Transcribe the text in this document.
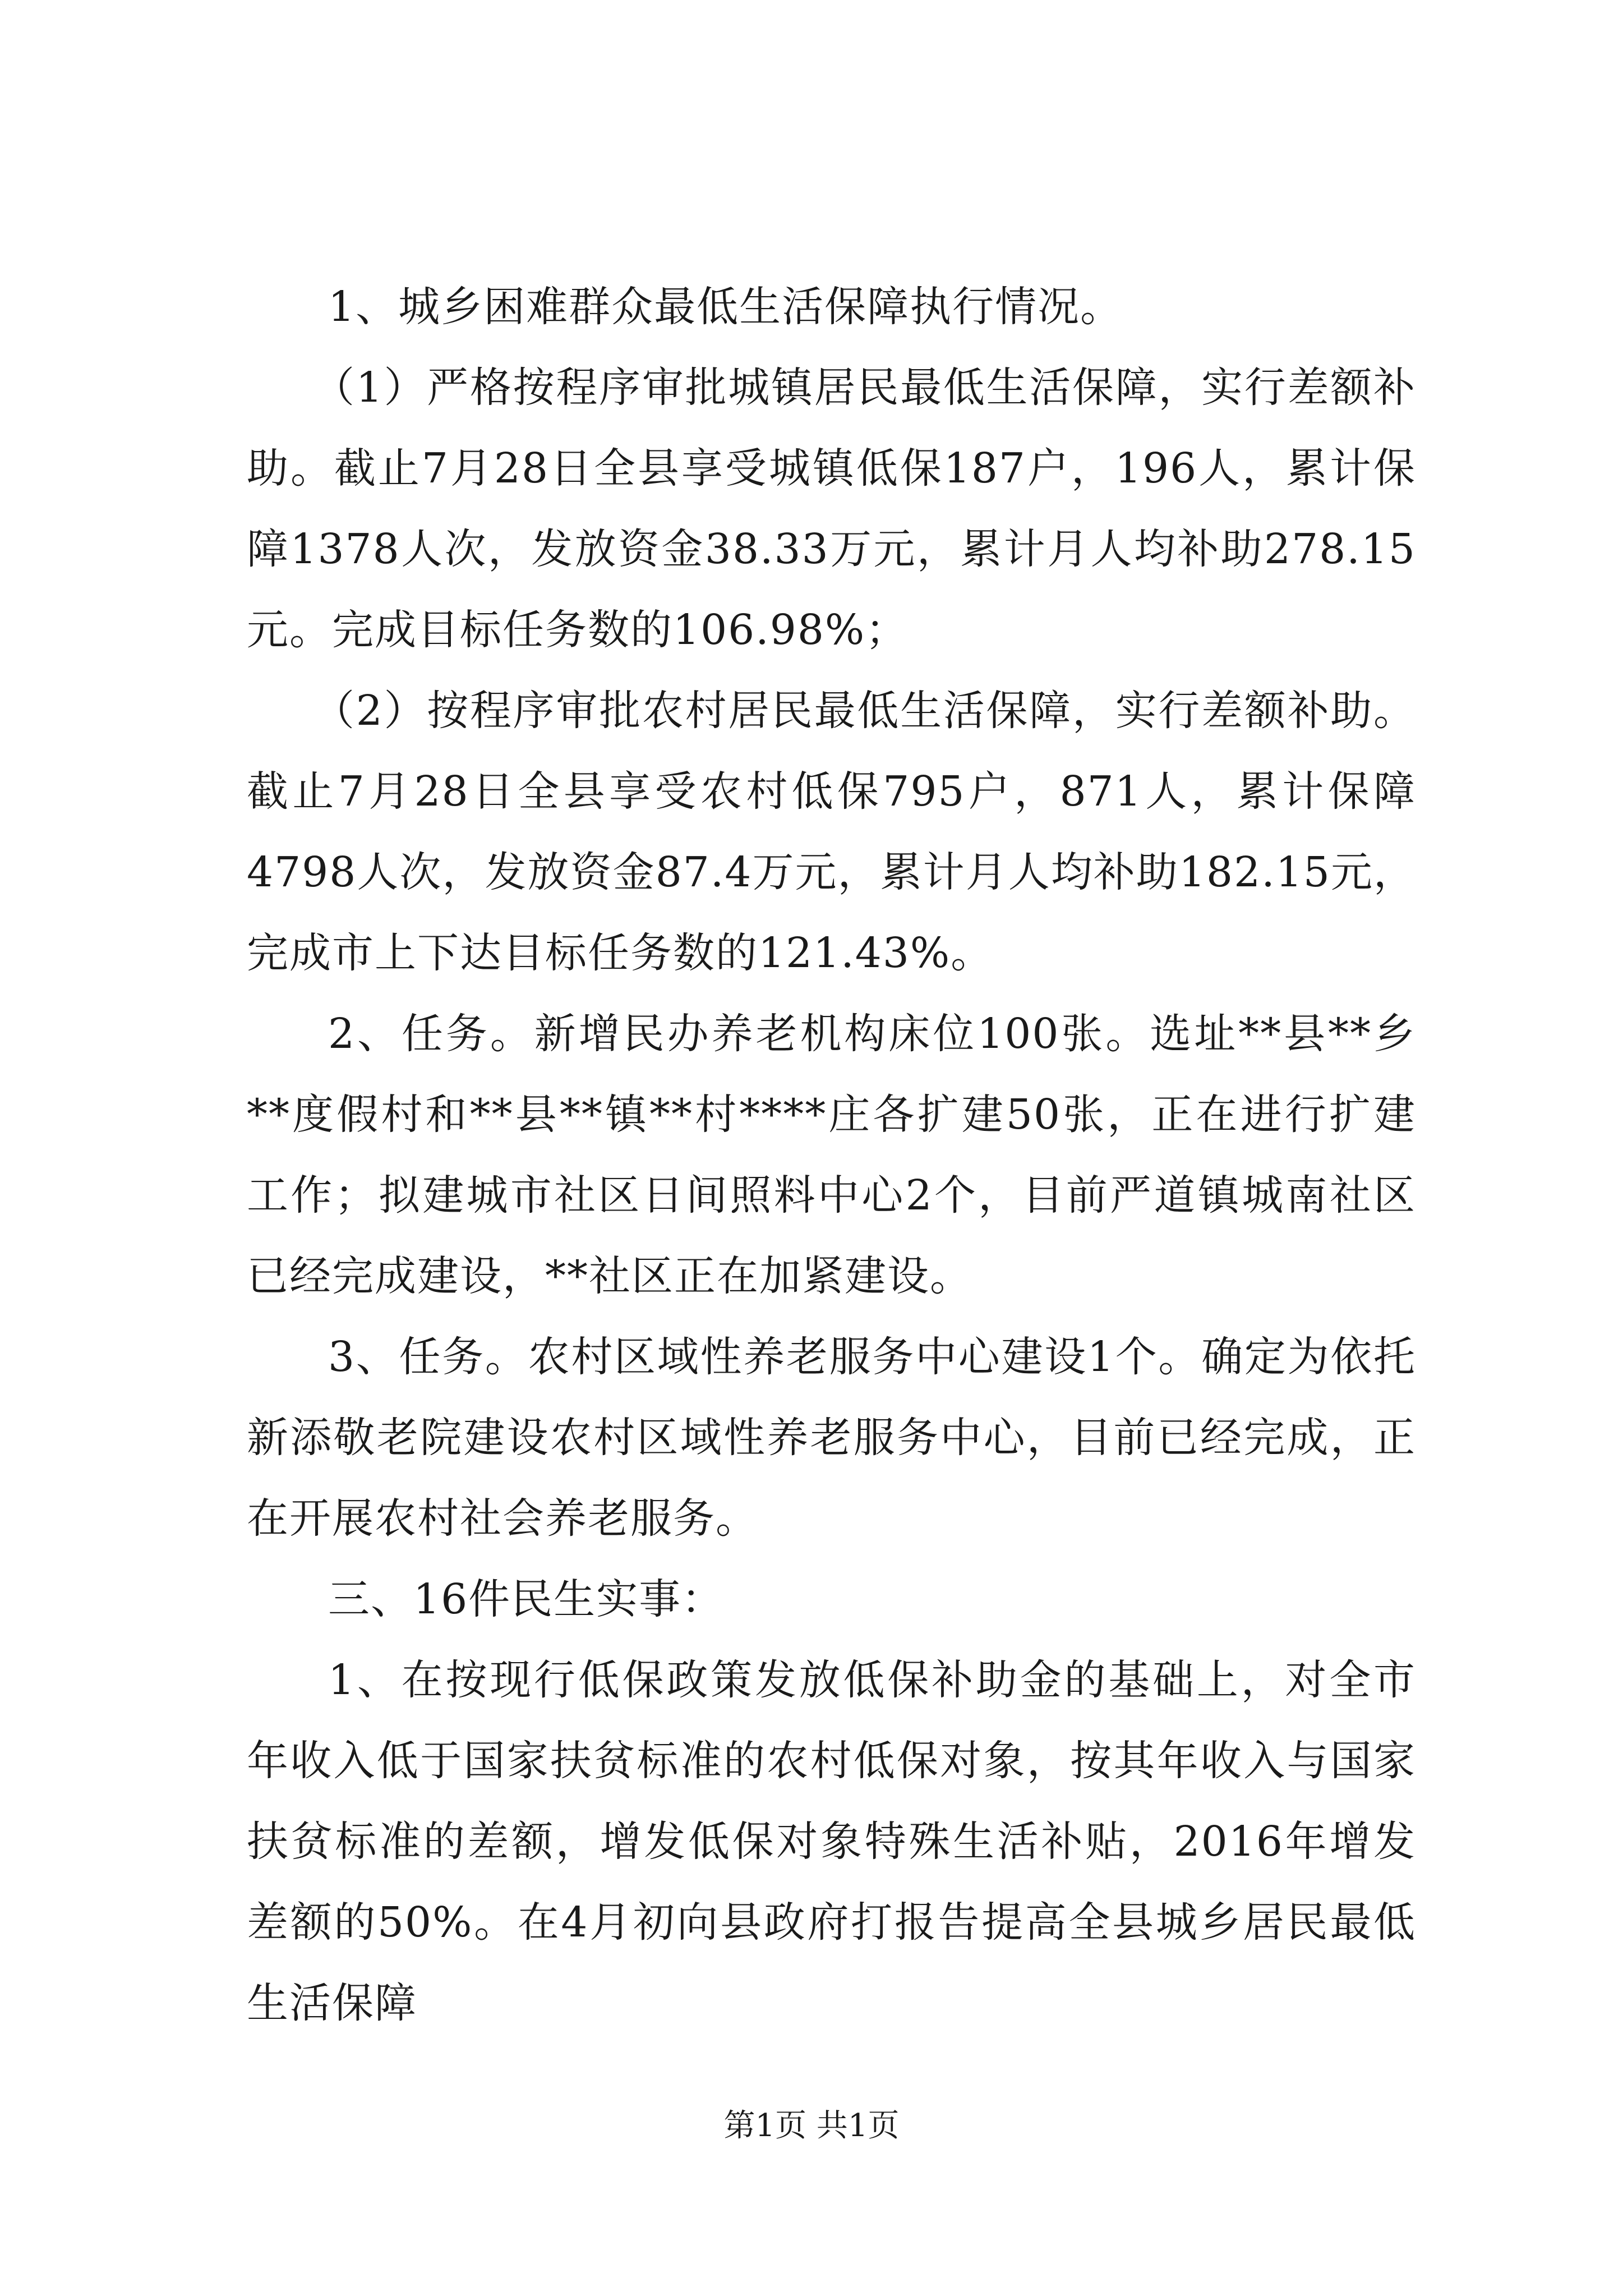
1、城乡困难群众最低生活保障执行情况。

（1）严格按程序审批城镇居民最低生活保障，实行差额补助。截止7月28日全县享受城镇低保187户，196人，累计保障1378人次，发放资金38.33万元，累计月人均补助278.15元。完成目标任务数的106.98%；

（2）按程序审批农村居民最低生活保障，实行差额补助。截止7月28日全县享受农村低保795户，871人，累计保障4798人次，发放资金87.4万元，累计月人均补助182.15元，完成市上下达目标任务数的121.43%。

2、任务。新增民办养老机构床位100张。选址**县**乡**度假村和**县**镇**村****庄各扩建50张，正在进行扩建工作；拟建城市社区日间照料中心2个，目前严道镇城南社区已经完成建设，**社区正在加紧建设。

3、任务。农村区域性养老服务中心建设1个。确定为依托新添敬老院建设农村区域性养老服务中心，目前已经完成，正在开展农村社会养老服务。

三、16件民生实事：

1、在按现行低保政策发放低保补助金的基础上，对全市年收入低于国家扶贫标准的农村低保对象，按其年收入与国家扶贫标准的差额，增发低保对象特殊生活补贴，2016年增发差额的50%。在4月初向县政府打报告提高全县城乡居民最低生活保障

第1页 共1页
